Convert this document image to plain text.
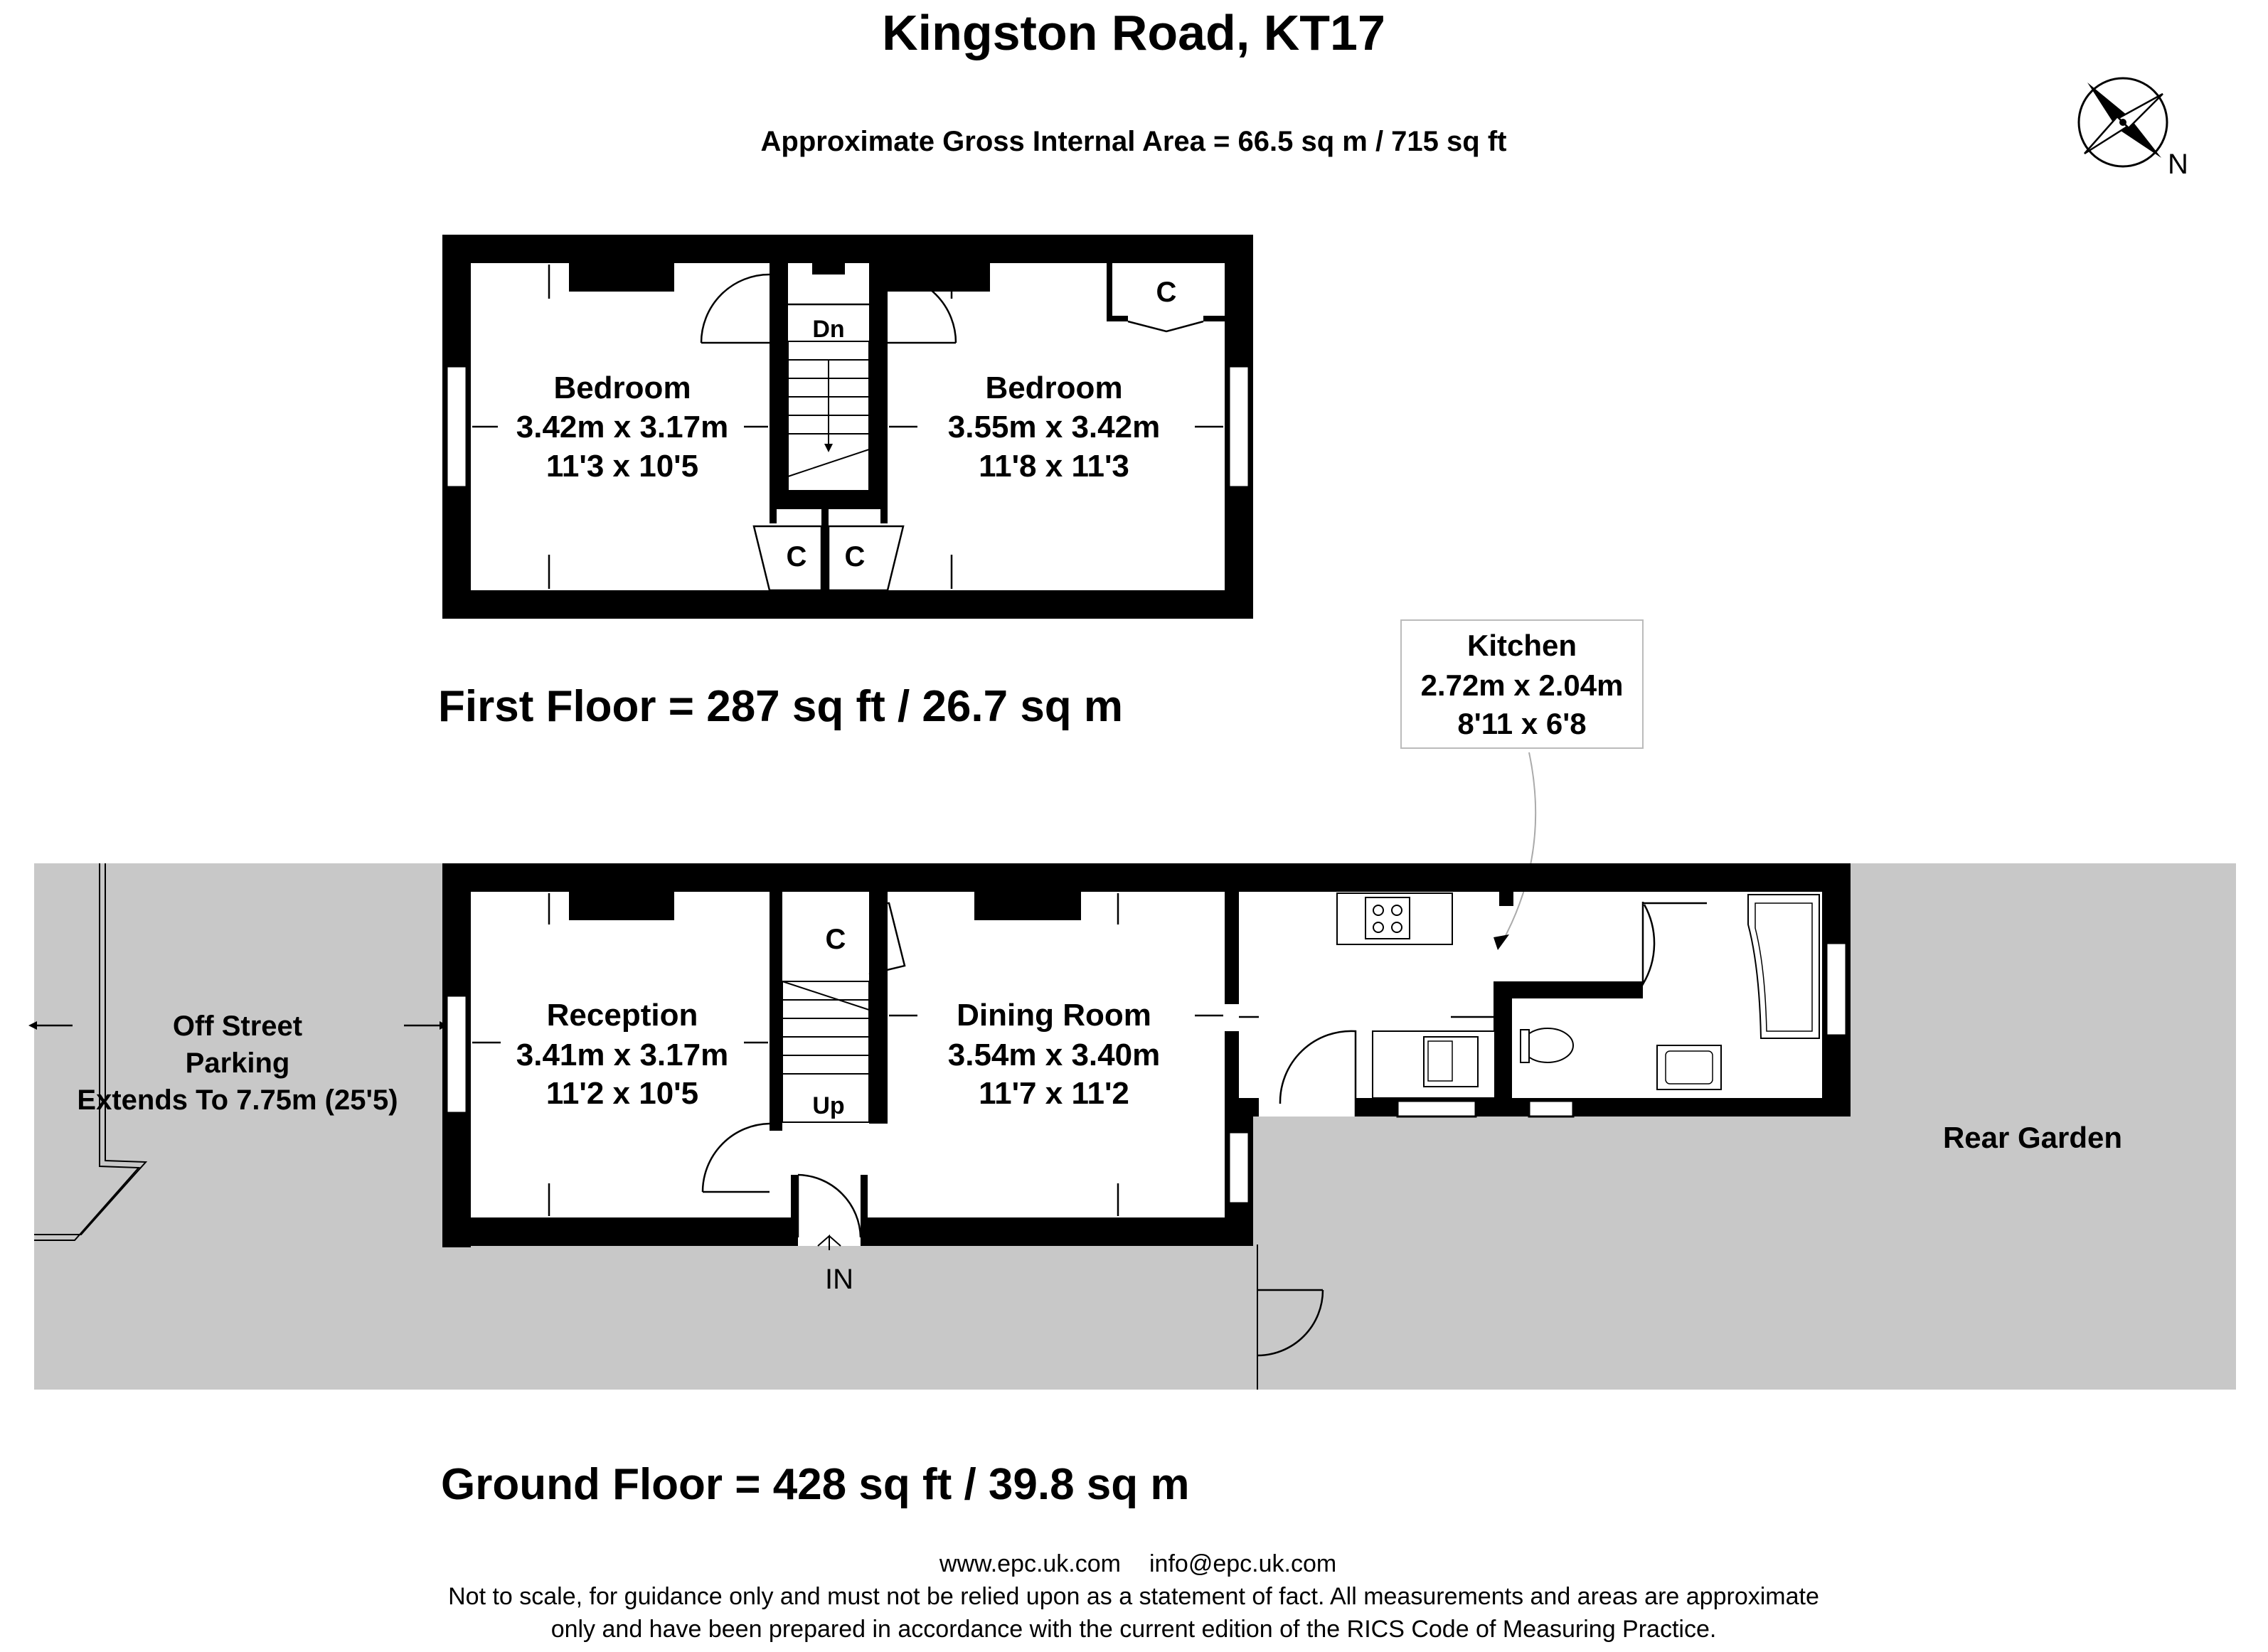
Kingston Road, KT17
Approximate Gross Internal Area = 66.5 sq m / 715 sq ft
N
Dn
Bedroom
3.42m x 3.17m
11'3 x 10'5
Bedroom
3.55m x 3.42m
11'8 x 11'3
C
C C
First Floor = 287 sq ft / 26.7 sq m
Kitchen
2.72m x 2.04m
8'11 x 6'8
Up
C
Reception
3.41m x 3.17m
11'2 x 10'5
Dining Room
3.54m x 3.40m
11'7 x 11'2
Off Street
Parking
Extends To 7.75m (25'5)
Rear Garden
IN
Ground Floor = 428 sq ft / 39.8 sq m
www.epc.uk.com info@epc.uk.com
Not to scale, for guidance only and must not be relied upon as a statement of fact. All measurements and areas are approximate
only and have been prepared in accordance with the current edition of the RICS Code of Measuring Practice.
